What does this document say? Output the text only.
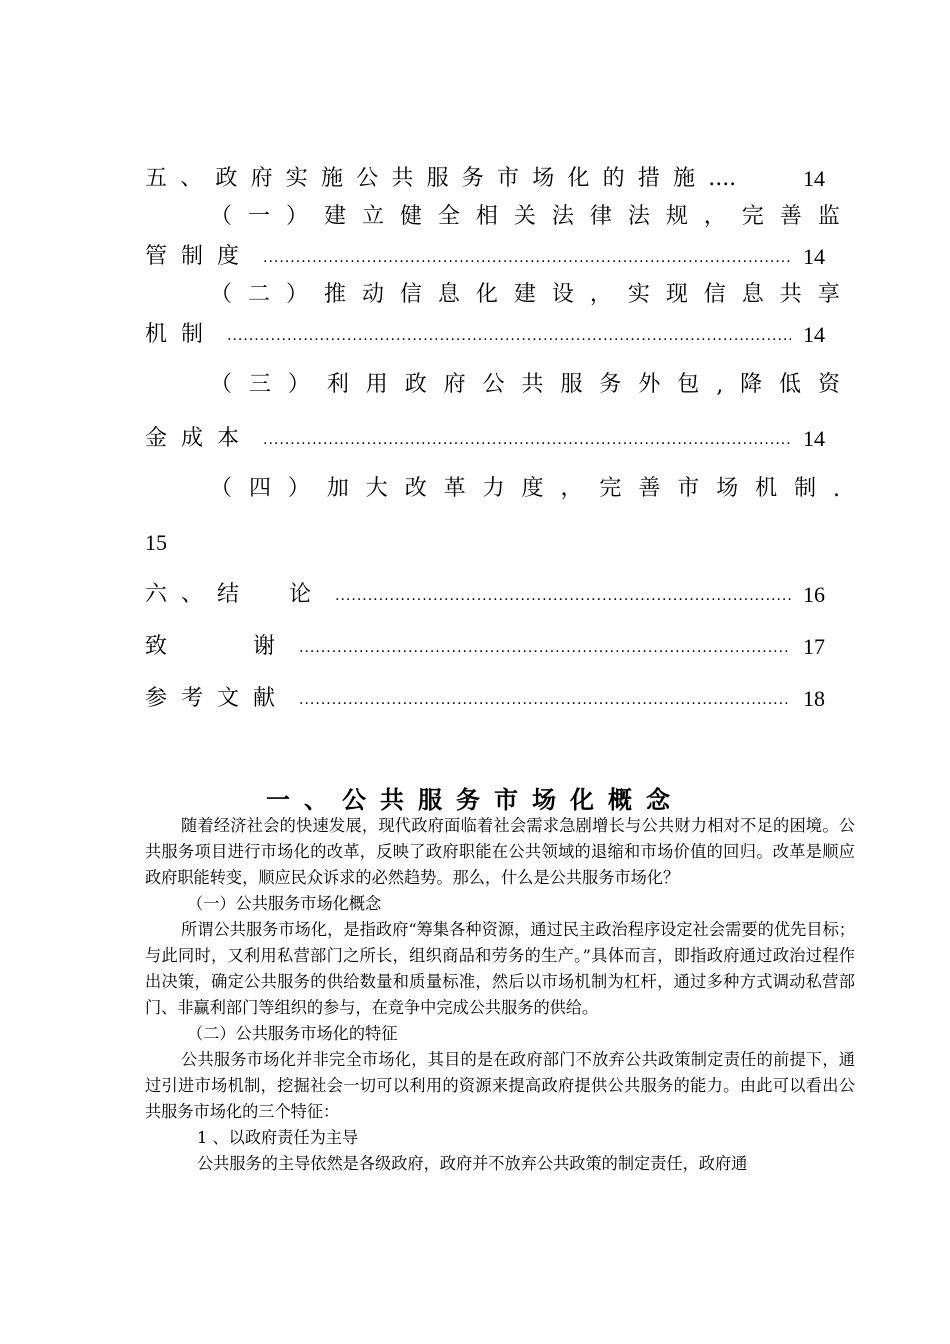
五、政府实施公共服务市场化的措施 ....	14
（ 一 ） 建 立 健 全 相 关 法 律 法 规 ， 完 善 监
管制度 .....	14
（ 二 ） 推 动 信 息 化 建 设 ， 实 现 信 息 共 享
机制 .....	14
（ 三 ） 利 用 政 府 公 共 服 务 外 包 , 降 低 资
金成本 .....	14
（ 四 ） 加 大 改 革 力 度 ， 完 善 市 场 机 制 .
15
六、结　论 .....	16
致　　谢 .....	17
参考文献 .....	18
一、公共服务市场化概念

随着经济社会的快速发展，现代政府面临着社会需求急剧增长与公共财力相对不足的困境。公共服务项目进行市场化的改革，反映了政府职能在公共领域的退缩和市场价值的回归。改革是顺应政府职能转变，顺应民众诉求的必然趋势。那么，什么是公共服务市场化？

（一）公共服务市场化概念

所谓公共服务市场化，是指政府“筹集各种资源，通过民主政治程序设定社会需要的优先目标；与此同时，又利用私营部门之所长，组织商品和劳务的生产。”具体而言，即指政府通过政治过程作出决策，确定公共服务的供给数量和质量标准，然后以市场机制为杠杆，通过多种方式调动私营部门、非赢利部门等组织的参与，在竞争中完成公共服务的供给。

（二）公共服务市场化的特征

公共服务市场化并非完全市场化，其目的是在政府部门不放弃公共政策制定责任的前提下，通过引进市场机制，挖掘社会一切可以利用的资源来提高政府提供公共服务的能力。由此可以看出公共服务市场化的三个特征：

1 、以政府责任为主导

公共服务的主导依然是各级政府，政府并不放弃公共政策的制定责任，政府通
